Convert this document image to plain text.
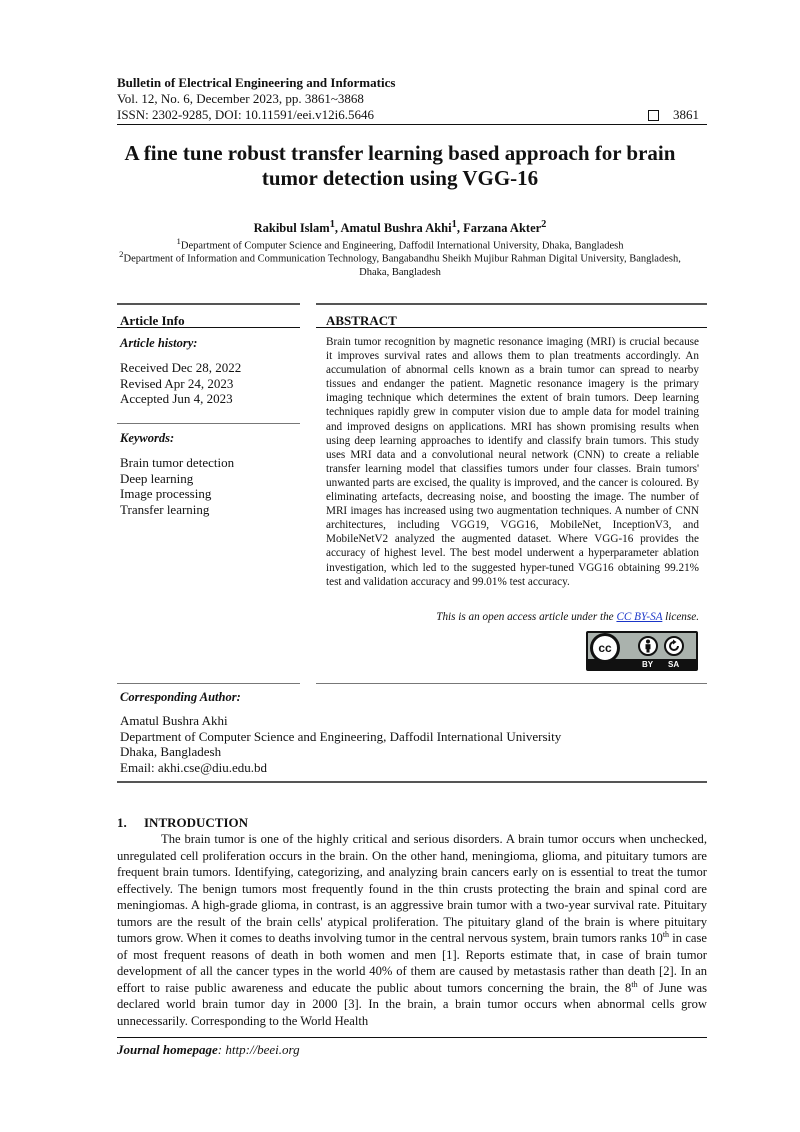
Bulletin of Electrical Engineering and Informatics
Vol. 12, No. 6, December 2023, pp. 3861~3868
ISSN: 2302-9285, DOI: 10.11591/eei.v12i6.5646	3861
A fine tune robust transfer learning based approach for brain tumor detection using VGG-16
Rakibul Islam$^1$, Amatul Bushra Akhi$^1$, Farzana Akter$^2$
$^1$Department of Computer Science and Engineering, Daffodil International University, Dhaka, Bangladesh
$^2$Department of Information and Communication Technology, Bangabandhu Sheikh Mujibur Rahman Digital University, Bangladesh, Dhaka, Bangladesh
Article Info	ABSTRACT
Article history:
Received Dec 28, 2022
Revised Apr 24, 2023
Accepted Jun 4, 2023
Keywords:
Brain tumor detection
Deep learning
Image processing
Transfer learning
Brain tumor recognition by magnetic resonance imaging (MRI) is crucial because it improves survival rates and allows them to plan treatments accordingly. An accumulation of abnormal cells known as a brain tumor can spread to nearby tissues and endanger the patient. Magnetic resonance imagery is the primary imaging technique which determines the extent of brain tumors. Deep learning techniques rapidly grew in computer vision due to ample data for model training and improved designs on applications. MRI has shown promising results when using deep learning approaches to identify and classify brain tumors. This study uses MRI data and a convolutional neural network (CNN) to create a reliable transfer learning model that classifies tumors under four classes. Brain tumors' unwanted parts are excised, the quality is improved, and the cancer is coloured. By eliminating artefacts, decreasing noise, and boosting the image. The number of MRI images has increased using two augmentation techniques. A number of CNN architectures, including VGG19, VGG16, MobileNet, InceptionV3, and MobileNetV2 analyzed the augmented dataset. Where VGG-16 provides the accuracy of highest level. The best model underwent a hyperparameter ablation investigation, which led to the suggested hyper-tuned VGG16 obtaining 99.21% test and validation accuracy and 99.01% test accuracy.
This is an open access article under the CC BY-SA license.
cc
BY SA
Corresponding Author:
Amatul Bushra Akhi
Department of Computer Science and Engineering, Daffodil International University
Dhaka, Bangladesh
Email: akhi.cse@diu.edu.bd
1. INTRODUCTION
The brain tumor is one of the highly critical and serious disorders. A brain tumor occurs when unchecked, unregulated cell proliferation occurs in the brain. On the other hand, meningioma, glioma, and pituitary tumors are frequent brain tumors. Identifying, categorizing, and analyzing brain cancers early on is essential to treat the tumor effectively. The benign tumors most frequently found in the thin crusts protecting the brain and spinal cord are meningiomas. A high-grade glioma, in contrast, is an aggressive brain tumor with a two-year survival rate. Pituitary tumors are the result of the brain cells' atypical proliferation. The pituitary gland of the brain is where pituitary tumors grow. When it comes to deaths involving tumor in the central nervous system, brain tumors ranks 10th in case of most frequent reasons of death in both women and men [1]. Reports estimate that, in case of brain tumor development of all the cancer types in the world 40% of them are caused by metastasis rather than death [2]. In an effort to raise public awareness and educate the public about tumors concerning the brain, the 8th of June was declared world brain tumor day in 2000 [3]. In the brain, a brain tumor occurs when abnormal cells grow unnecessarily. Corresponding to the World Health
Journal homepage: http://beei.org
